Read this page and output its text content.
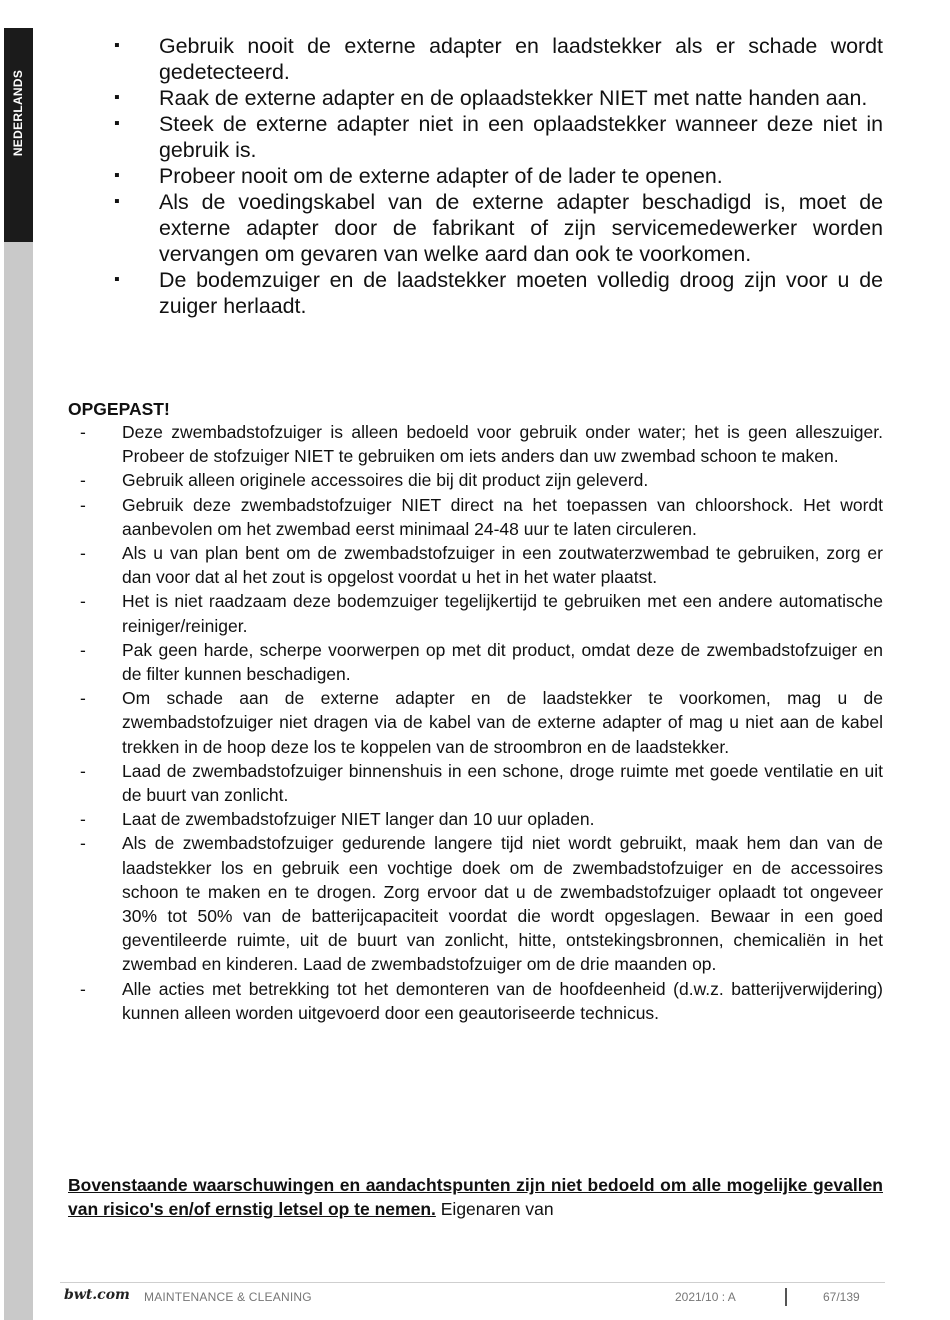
NEDERLANDS
▪ Gebruik nooit de externe adapter en laadstekker als er schade wordt gedetecteerd.
▪ Raak de externe adapter en de oplaadstekker NIET met natte handen aan.
▪ Steek de externe adapter niet in een oplaadstekker wanneer deze niet in gebruik is.
▪ Probeer nooit om de externe adapter of de lader te openen.
▪ Als de voedingskabel van de externe adapter beschadigd is, moet de externe adapter door de fabrikant of zijn servicemedewerker worden vervangen om gevaren van welke aard dan ook te voorkomen.
▪ De bodemzuiger en de laadstekker moeten volledig droog zijn voor u de zuiger herlaadt.
OPGEPAST!
- Deze zwembadstofzuiger is alleen bedoeld voor gebruik onder water; het is geen alleszuiger. Probeer de stofzuiger NIET te gebruiken om iets anders dan uw zwembad schoon te maken.
- Gebruik alleen originele accessoires die bij dit product zijn geleverd.
- Gebruik deze zwembadstofzuiger NIET direct na het toepassen van chloorshock. Het wordt aanbevolen om het zwembad eerst minimaal 24-48 uur te laten circuleren.
- Als u van plan bent om de zwembadstofzuiger in een zoutwaterzwembad te gebruiken, zorg er dan voor dat al het zout is opgelost voordat u het in het water plaatst.
- Het is niet raadzaam deze bodemzuiger tegelijkertijd te gebruiken met een andere automatische reiniger/reiniger.
- Pak geen harde, scherpe voorwerpen op met dit product, omdat deze de zwembadstofzuiger en de filter kunnen beschadigen.
- Om schade aan de externe adapter en de laadstekker te voorkomen, mag u de zwembadstofzuiger niet dragen via de kabel van de externe adapter of mag u niet aan de kabel trekken in de hoop deze los te koppelen van de stroombron en de laadstekker.
- Laad de zwembadstofzuiger binnenshuis in een schone, droge ruimte met goede ventilatie en uit de buurt van zonlicht.
- Laat de zwembadstofzuiger NIET langer dan 10 uur opladen.
- Als de zwembadstofzuiger gedurende langere tijd niet wordt gebruikt, maak hem dan van de laadstekker los en gebruik een vochtige doek om de zwembadstofzuiger en de accessoires schoon te maken en te drogen. Zorg ervoor dat u de zwembadstofzuiger oplaadt tot ongeveer 30% tot 50% van de batterijcapaciteit voordat die wordt opgeslagen. Bewaar in een goed geventileerde ruimte, uit de buurt van zonlicht, hitte, ontstekingsbronnen, chemicaliën in het zwembad en kinderen. Laad de zwembadstofzuiger om de drie maanden op.
- Alle acties met betrekking tot het demonteren van de hoofdeenheid (d.w.z. batterijverwijdering) kunnen alleen worden uitgevoerd door een geautoriseerde technicus.

Bovenstaande waarschuwingen en aandachtspunten zijn niet bedoeld om alle mogelijke gevallen van risico's en/of ernstig letsel op te nemen. Eigenaren van

bwt.com MAINTENANCE & CLEANING	2021/10 : A	67/139
